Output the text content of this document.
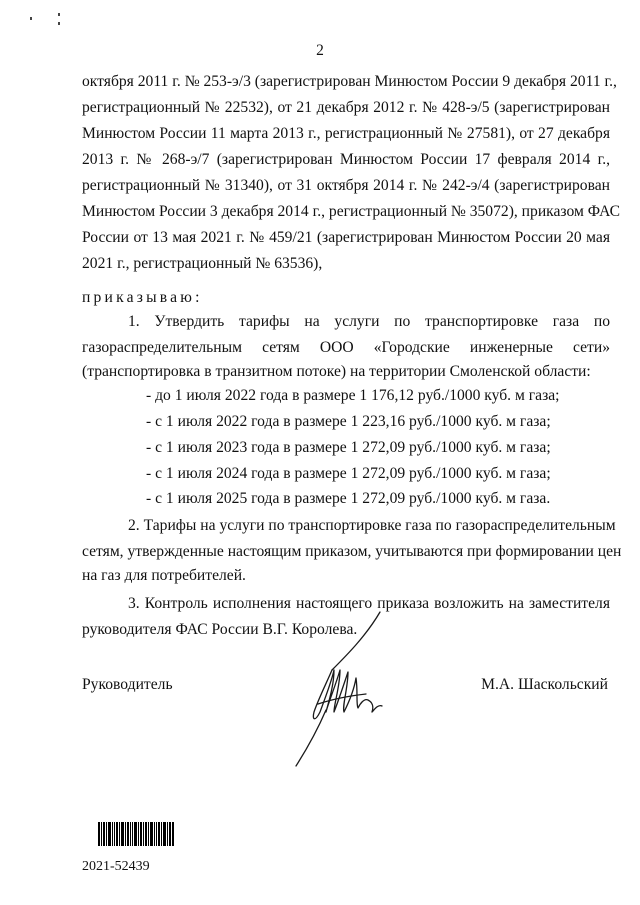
2
октября 2011 г. № 253-э/3 (зарегистрирован Минюстом России 9 декабря 2011 г.,
регистрационный № 22532), от 21 декабря 2012 г. № 428-э/5 (зарегистрирован
Минюстом России 11 марта 2013 г., регистрационный № 27581), от 27 декабря
2013 г. № 268-э/7 (зарегистрирован Минюстом России 17 февраля 2014 г.,
регистрационный № 31340), от 31 октября 2014 г. № 242-э/4 (зарегистрирован
Минюстом России 3 декабря 2014 г., регистрационный № 35072), приказом ФАС
России от 13 мая 2021 г. № 459/21 (зарегистрирован Минюстом России 20 мая
2021 г., регистрационный № 63536),
приказываю:
1. Утвердить тарифы на услуги по транспортировке газа по
газораспределительным сетям ООО «Городские инженерные сети»
(транспортировка в транзитном потоке) на территории Смоленской области:
- до 1 июля 2022 года в размере 1 176,12 руб./1000 куб. м газа;
- с 1 июля 2022 года в размере 1 223,16 руб./1000 куб. м газа;
- с 1 июля 2023 года в размере 1 272,09 руб./1000 куб. м газа;
- с 1 июля 2024 года в размере 1 272,09 руб./1000 куб. м газа;
- с 1 июля 2025 года в размере 1 272,09 руб./1000 куб. м газа.
2. Тарифы на услуги по транспортировке газа по газораспределительным
сетям, утвержденные настоящим приказом, учитываются при формировании цен
на газ для потребителей.
3. Контроль исполнения настоящего приказа возложить на заместителя
руководителя ФАС России В.Г. Королева.
Руководитель	М.А. Шаскольский
2021-52439
